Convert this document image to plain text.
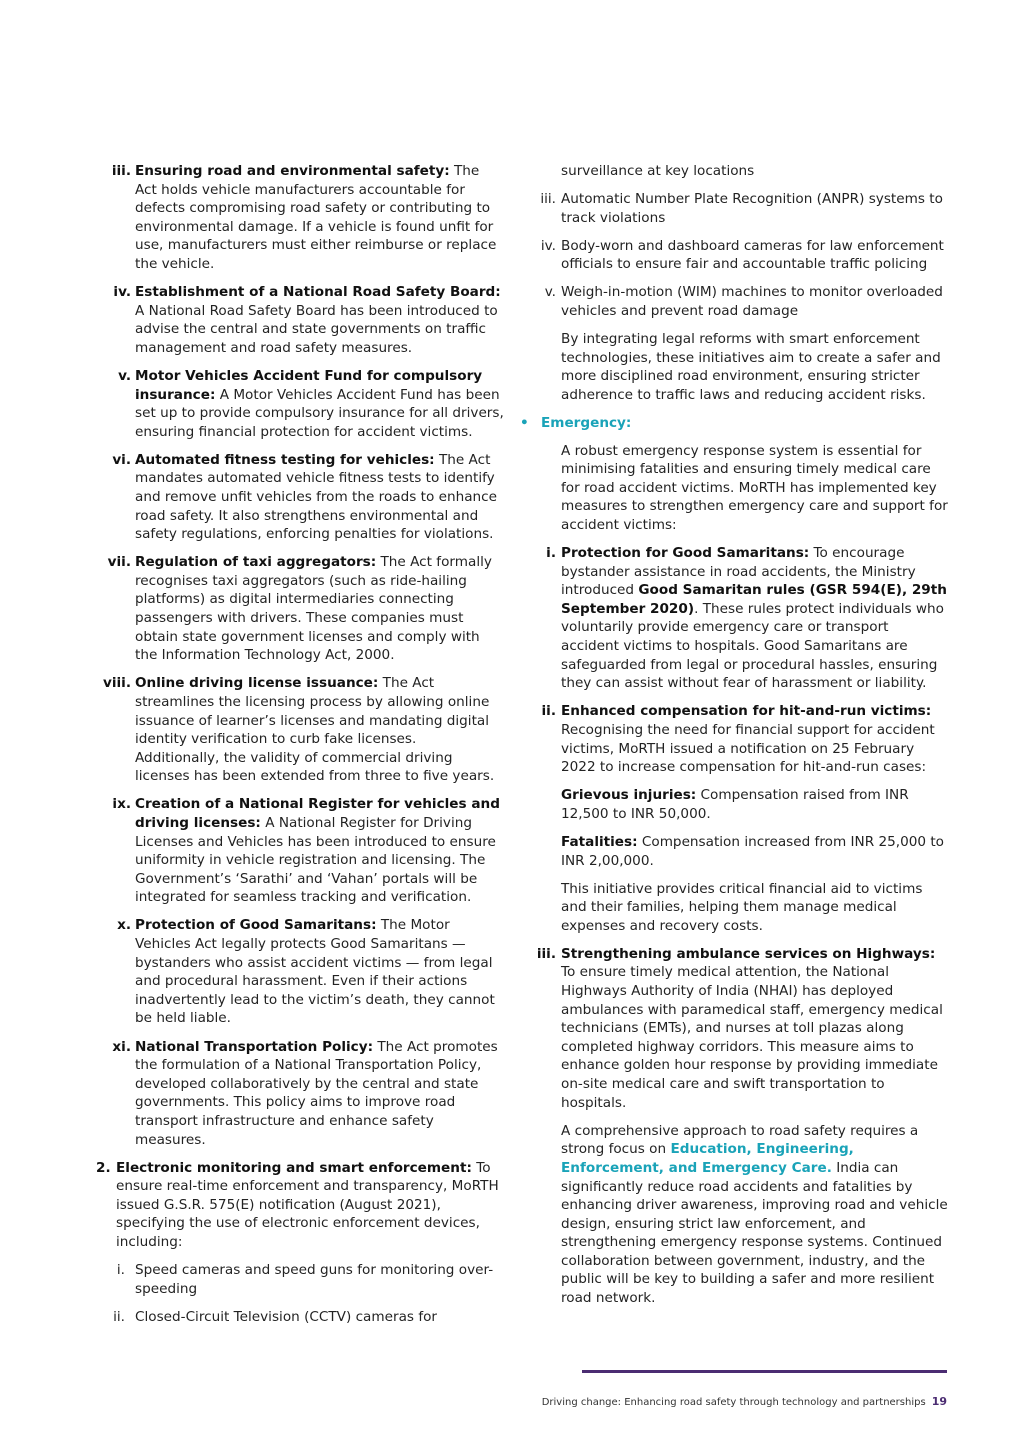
iii. Ensuring road and environmental safety: The Act holds vehicle manufacturers accountable for defects compromising road safety or contributing to environmental damage. If a vehicle is found unfit for use, manufacturers must either reimburse or replace the vehicle.
iv. Establishment of a National Road Safety Board: A National Road Safety Board has been introduced to advise the central and state governments on traffic management and road safety measures.
v. Motor Vehicles Accident Fund for compulsory insurance: A Motor Vehicles Accident Fund has been set up to provide compulsory insurance for all drivers, ensuring financial protection for accident victims.
vi. Automated fitness testing for vehicles: The Act mandates automated vehicle fitness tests to identify and remove unfit vehicles from the roads to enhance road safety. It also strengthens environmental and safety regulations, enforcing penalties for violations.
vii. Regulation of taxi aggregators: The Act formally recognises taxi aggregators (such as ride-hailing platforms) as digital intermediaries connecting passengers with drivers. These companies must obtain state government licenses and comply with the Information Technology Act, 2000.
viii. Online driving license issuance: The Act streamlines the licensing process by allowing online issuance of learner’s licenses and mandating digital identity verification to curb fake licenses. Additionally, the validity of commercial driving licenses has been extended from three to five years.
ix. Creation of a National Register for vehicles and driving licenses: A National Register for Driving Licenses and Vehicles has been introduced to ensure uniformity in vehicle registration and licensing. The Government’s ‘Sarathi’ and ‘Vahan’ portals will be integrated for seamless tracking and verification.
x. Protection of Good Samaritans: The Motor Vehicles Act legally protects Good Samaritans — bystanders who assist accident victims — from legal and procedural harassment. Even if their actions inadvertently lead to the victim’s death, they cannot be held liable.
xi. National Transportation Policy: The Act promotes the formulation of a National Transportation Policy, developed collaboratively by the central and state governments. This policy aims to improve road transport infrastructure and enhance safety measures.
2. Electronic monitoring and smart enforcement: To ensure real-time enforcement and transparency, MoRTH issued G.S.R. 575(E) notification (August 2021), specifying the use of electronic enforcement devices, including:
i. Speed cameras and speed guns for monitoring over-speeding
ii. Closed-Circuit Television (CCTV) cameras for

surveillance at key locations

iii. Automatic Number Plate Recognition (ANPR) systems to track violations
iv. Body-worn and dashboard cameras for law enforcement officials to ensure fair and accountable traffic policing
v. Weigh-in-motion (WIM) machines to monitor overloaded vehicles and prevent road damage

By integrating legal reforms with smart enforcement technologies, these initiatives aim to create a safer and more disciplined road environment, ensuring stricter adherence to traffic laws and reducing accident risks.

• Emergency:

A robust emergency response system is essential for minimising fatalities and ensuring timely medical care for road accident victims. MoRTH has implemented key measures to strengthen emergency care and support for accident victims:

i. Protection for Good Samaritans: To encourage bystander assistance in road accidents, the Ministry introduced Good Samaritan rules (GSR 594(E), 29th September 2020). These rules protect individuals who voluntarily provide emergency care or transport accident victims to hospitals. Good Samaritans are safeguarded from legal or procedural hassles, ensuring they can assist without fear of harassment or liability.
ii. Enhanced compensation for hit-and-run victims: Recognising the need for financial support for accident victims, MoRTH issued a notification on 25 February 2022 to increase compensation for hit-and-run cases:

Grievous injuries: Compensation raised from INR 12,500 to INR 50,000.

Fatalities: Compensation increased from INR 25,000 to INR 2,00,000.

This initiative provides critical financial aid to victims and their families, helping them manage medical expenses and recovery costs.

iii. Strengthening ambulance services on Highways: To ensure timely medical attention, the National Highways Authority of India (NHAI) has deployed ambulances with paramedical staff, emergency medical technicians (EMTs), and nurses at toll plazas along completed highway corridors. This measure aims to enhance golden hour response by providing immediate on-site medical care and swift transportation to hospitals.

A comprehensive approach to road safety requires a strong focus on Education, Engineering, Enforcement, and Emergency Care. India can significantly reduce road accidents and fatalities by enhancing driver awareness, improving road and vehicle design, ensuring strict law enforcement, and strengthening emergency response systems. Continued collaboration between government, industry, and the public will be key to building a safer and more resilient road network.

Driving change: Enhancing road safety through technology and partnerships 19
